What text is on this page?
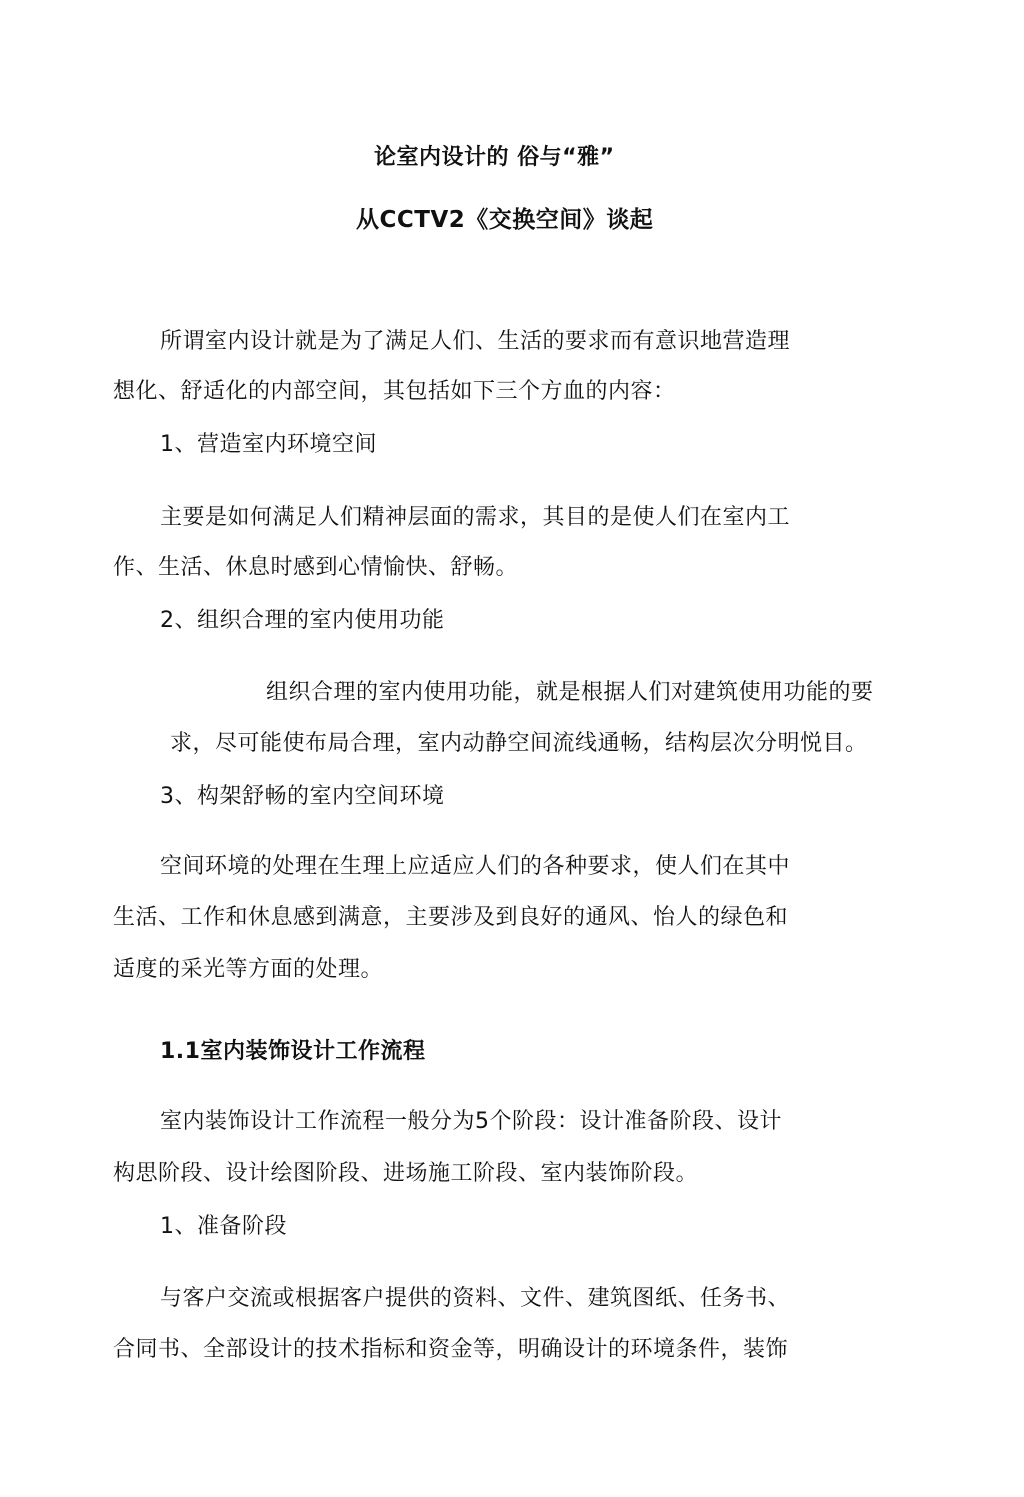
论室内设计的 俗与“雅”
从CCTV2《交换空间》谈起
所谓室内设计就是为了满足人们、生活的要求而有意识地营造理
想化、舒适化的内部空间，其包括如下三个方血的内容：
1、营造室内环境空间
主要是如何满足人们精神层面的需求，其目的是使人们在室内工
作、生活、休息时感到心情愉快、舒畅。
2、组织合理的室内使用功能
组织合理的室内使用功能，就是根据人们对建筑使用功能的要
求，尽可能使布局合理，室内动静空间流线通畅，结构层次分明悦目。
3、构架舒畅的室内空间环境
空间环境的处理在生理上应适应人们的各种要求，使人们在其中
生活、工作和休息感到满意，主要涉及到良好的通风、怡人的绿色和
适度的采光等方面的处理。
1.1室内装饰设计工作流程
室内装饰设计工作流程一般分为5个阶段：设计准备阶段、设计
构思阶段、设计绘图阶段、进场施工阶段、室内装饰阶段。
1、准备阶段
与客户交流或根据客户提供的资料、文件、建筑图纸、任务书、
合同书、全部设计的技术指标和资金等，明确设计的环境条件，装饰
